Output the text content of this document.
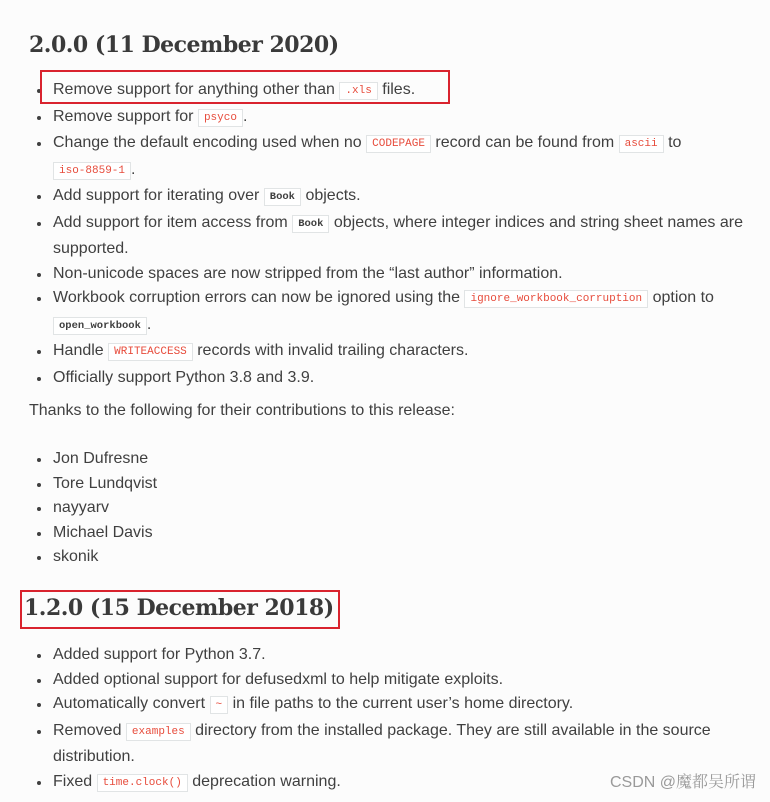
2.0.0 (11 December 2020)
Remove support for anything other than .xls files.
Remove support for psyco .
Change the default encoding used when no CODEPAGE record can be found from ascii to
iso-8859-1 .
Add support for iterating over Book objects.
Add support for item access from Book objects, where integer indices and string sheet names are supported.
Non-unicode spaces are now stripped from the “last author” information.
Workbook corruption errors can now be ignored using the ignore_workbook_corruption option to
open_workbook .
Handle WRITEACCESS records with invalid trailing characters.
Officially support Python 3.8 and 3.9.

Thanks to the following for their contributions to this release:

Jon Dufresne
Tore Lundqvist
nayyarv
Michael Davis
skonik
1.2.0 (15 December 2018)
Added support for Python 3.7.
Added optional support for defusedxml to help mitigate exploits.
Automatically convert ~ in file paths to the current user’s home directory.
Removed examples directory from the installed package. They are still available in the source distribution.
Fixed time.clock() deprecation warning.	CSDN @魔都吴所谓
